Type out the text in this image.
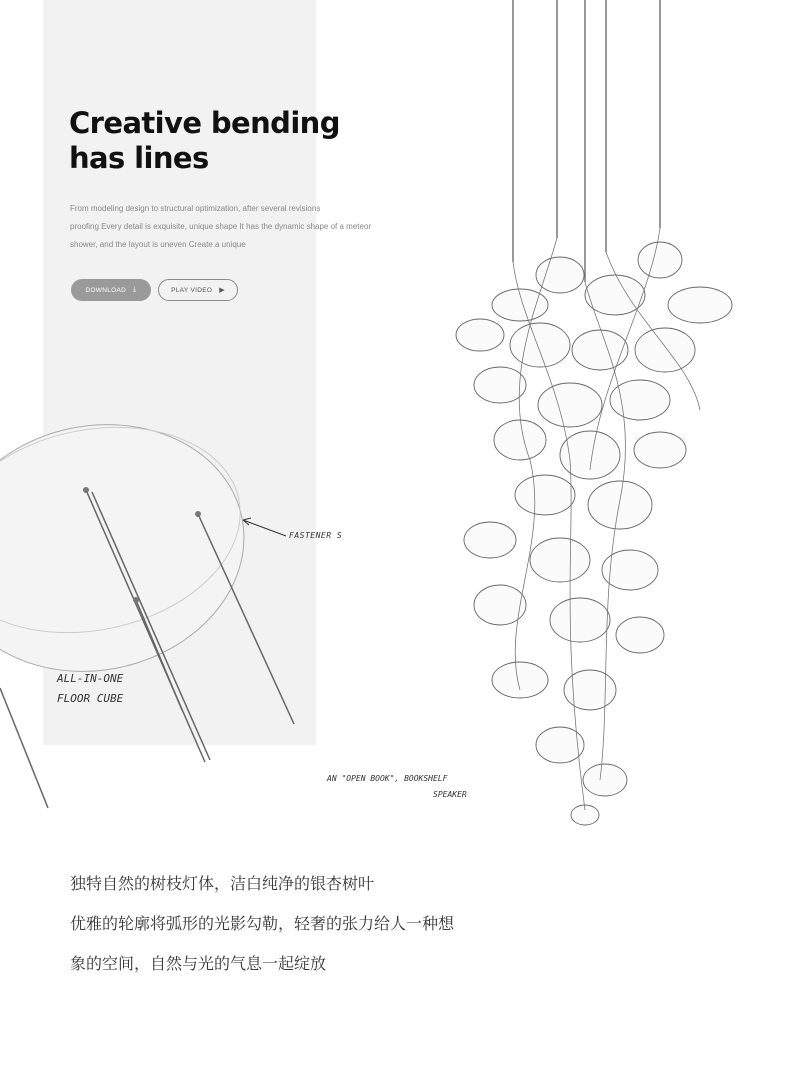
Creative bending
has lines
From modeling design to structural optimization, after several revisions
proofing Every detail is exquisite, unique shape It has the dynamic shape of a meteor
shower, and the layout is uneven Create a unique
DOWNLOAD ⤓	PLAY VIDEO ▶
FASTENER S
ALL-IN-ONE
FLOOR CUBE
AN "OPEN BOOK", BOOKSHELF
SPEAKER
独特自然的树枝灯体，洁白纯净的银杏树叶
优雅的轮廓将弧形的光影勾勒，轻奢的张力给人一种想
象的空间，自然与光的气息一起绽放
